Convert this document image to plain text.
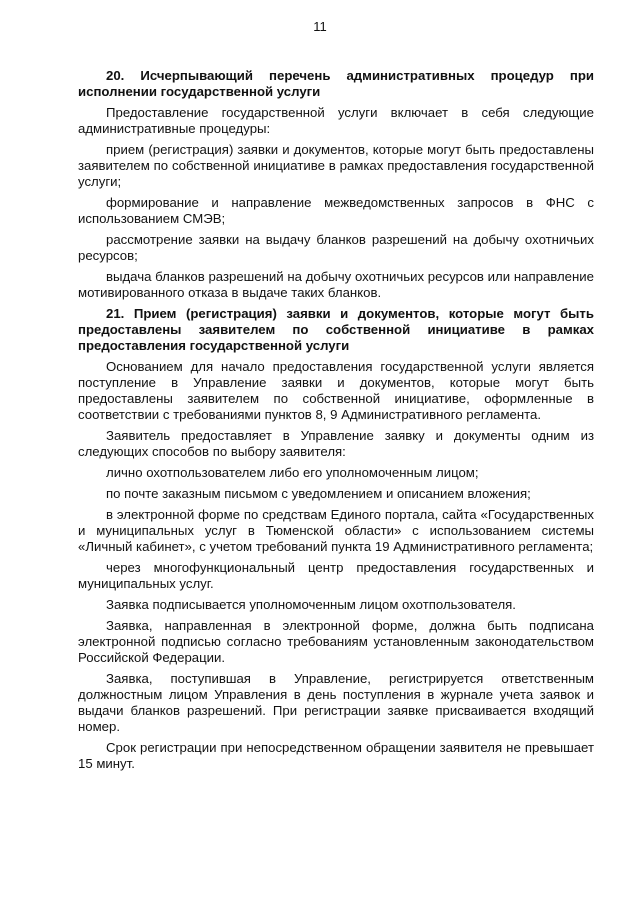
11

20. Исчерпывающий перечень административных процедур при исполнении государственной услуги

Предоставление государственной услуги включает в себя следующие административные процедуры:

прием (регистрация) заявки и документов, которые могут быть предоставлены заявителем по собственной инициативе в рамках предоставления государственной услуги;

формирование и направление межведомственных запросов в ФНС с использованием СМЭВ;

рассмотрение заявки на выдачу бланков разрешений на добычу охотничьих ресурсов;

выдача бланков разрешений на добычу охотничьих ресурсов или направление мотивированного отказа в выдаче таких бланков.

21. Прием (регистрация) заявки и документов, которые могут быть предоставлены заявителем по собственной инициативе в рамках предоставления государственной услуги

Основанием для начало предоставления государственной услуги является поступление в Управление заявки и документов, которые могут быть предоставлены заявителем по собственной инициативе, оформленные в соответствии с требованиями пунктов 8, 9 Административного регламента.

Заявитель предоставляет в Управление заявку и документы одним из следующих способов по выбору заявителя:

лично охотпользователем либо его уполномоченным лицом;

по почте заказным письмом с уведомлением и описанием вложения;

в электронной форме по средствам Единого портала, сайта «Государственных и муниципальных услуг в Тюменской области» с использованием системы «Личный кабинет», с учетом требований пункта 19 Административного регламента;

через многофункциональный центр предоставления государственных и муниципальных услуг.

Заявка подписывается уполномоченным лицом охотпользователя.

Заявка, направленная в электронной форме, должна быть подписана электронной подписью согласно требованиям установленным законодательством Российской Федерации.

Заявка, поступившая в Управление, регистрируется ответственным должностным лицом Управления в день поступления в журнале учета заявок и выдачи бланков разрешений. При регистрации заявке присваивается входящий номер.

Срок регистрации при непосредственном обращении заявителя не превышает 15 минут.
